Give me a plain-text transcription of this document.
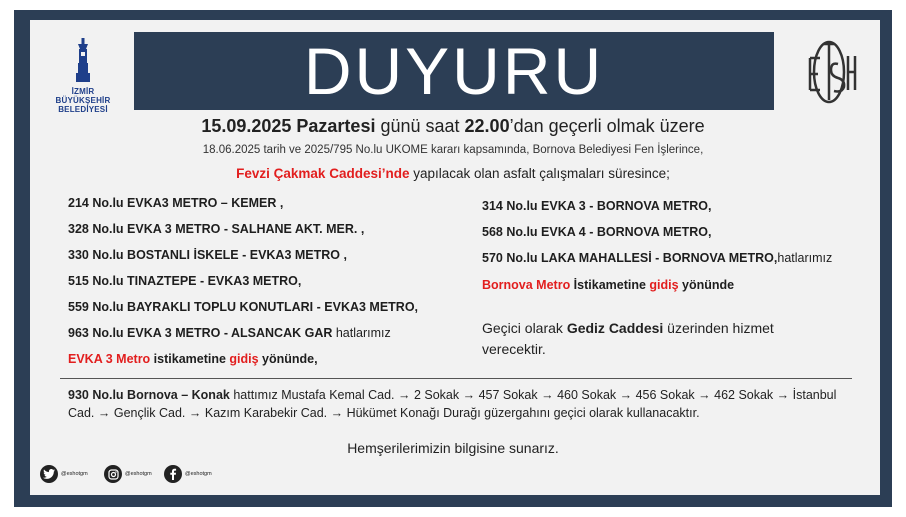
İZMİR
BÜYÜKŞEHİR
BELEDİYESİ
DUYURU
15.09.2025 Pazartesi günü saat 22.00’dan geçerli olmak üzere
18.06.2025 tarih ve 2025/795 No.lu UKOME kararı kapsamında, Bornova Belediyesi Fen İşlerince,
Fevzi Çakmak Caddesi’nde yapılacak olan asfalt çalışmaları süresince;
214 No.lu EVKA3 METRO – KEMER ,
328 No.lu EVKA 3 METRO - SALHANE AKT. MER. ,
330 No.lu BOSTANLI İSKELE - EVKA3 METRO ,
515 No.lu TINAZTEPE - EVKA3 METRO,
559 No.lu BAYRAKLI TOPLU KONUTLARI - EVKA3 METRO,
963 No.lu EVKA 3 METRO - ALSANCAK GAR hatlarımız
EVKA 3 Metro istikametine gidiş yönünde,
314 No.lu EVKA 3 - BORNOVA METRO,
568 No.lu EVKA 4 - BORNOVA METRO,
570 No.lu LAKA MAHALLESİ - BORNOVA METRO,hatlarımız
Bornova Metro İstikametine gidiş yönünde
Geçici olarak Gediz Caddesi üzerinden hizmet verecektir.
930 No.lu Bornova – Konak hattımız Mustafa Kemal Cad. → 2 Sokak → 457 Sokak → 460 Sokak → 456 Sokak → 462 Sokak → İstanbul Cad. → Gençlik Cad. → Kazım Karabekir Cad. → Hükümet Konağı Durağı güzergahını geçici olarak kullanacaktır.
Hemşerilerimizin bilgisine sunarız.
@eshotgm	@eshotgm	@eshotgm
